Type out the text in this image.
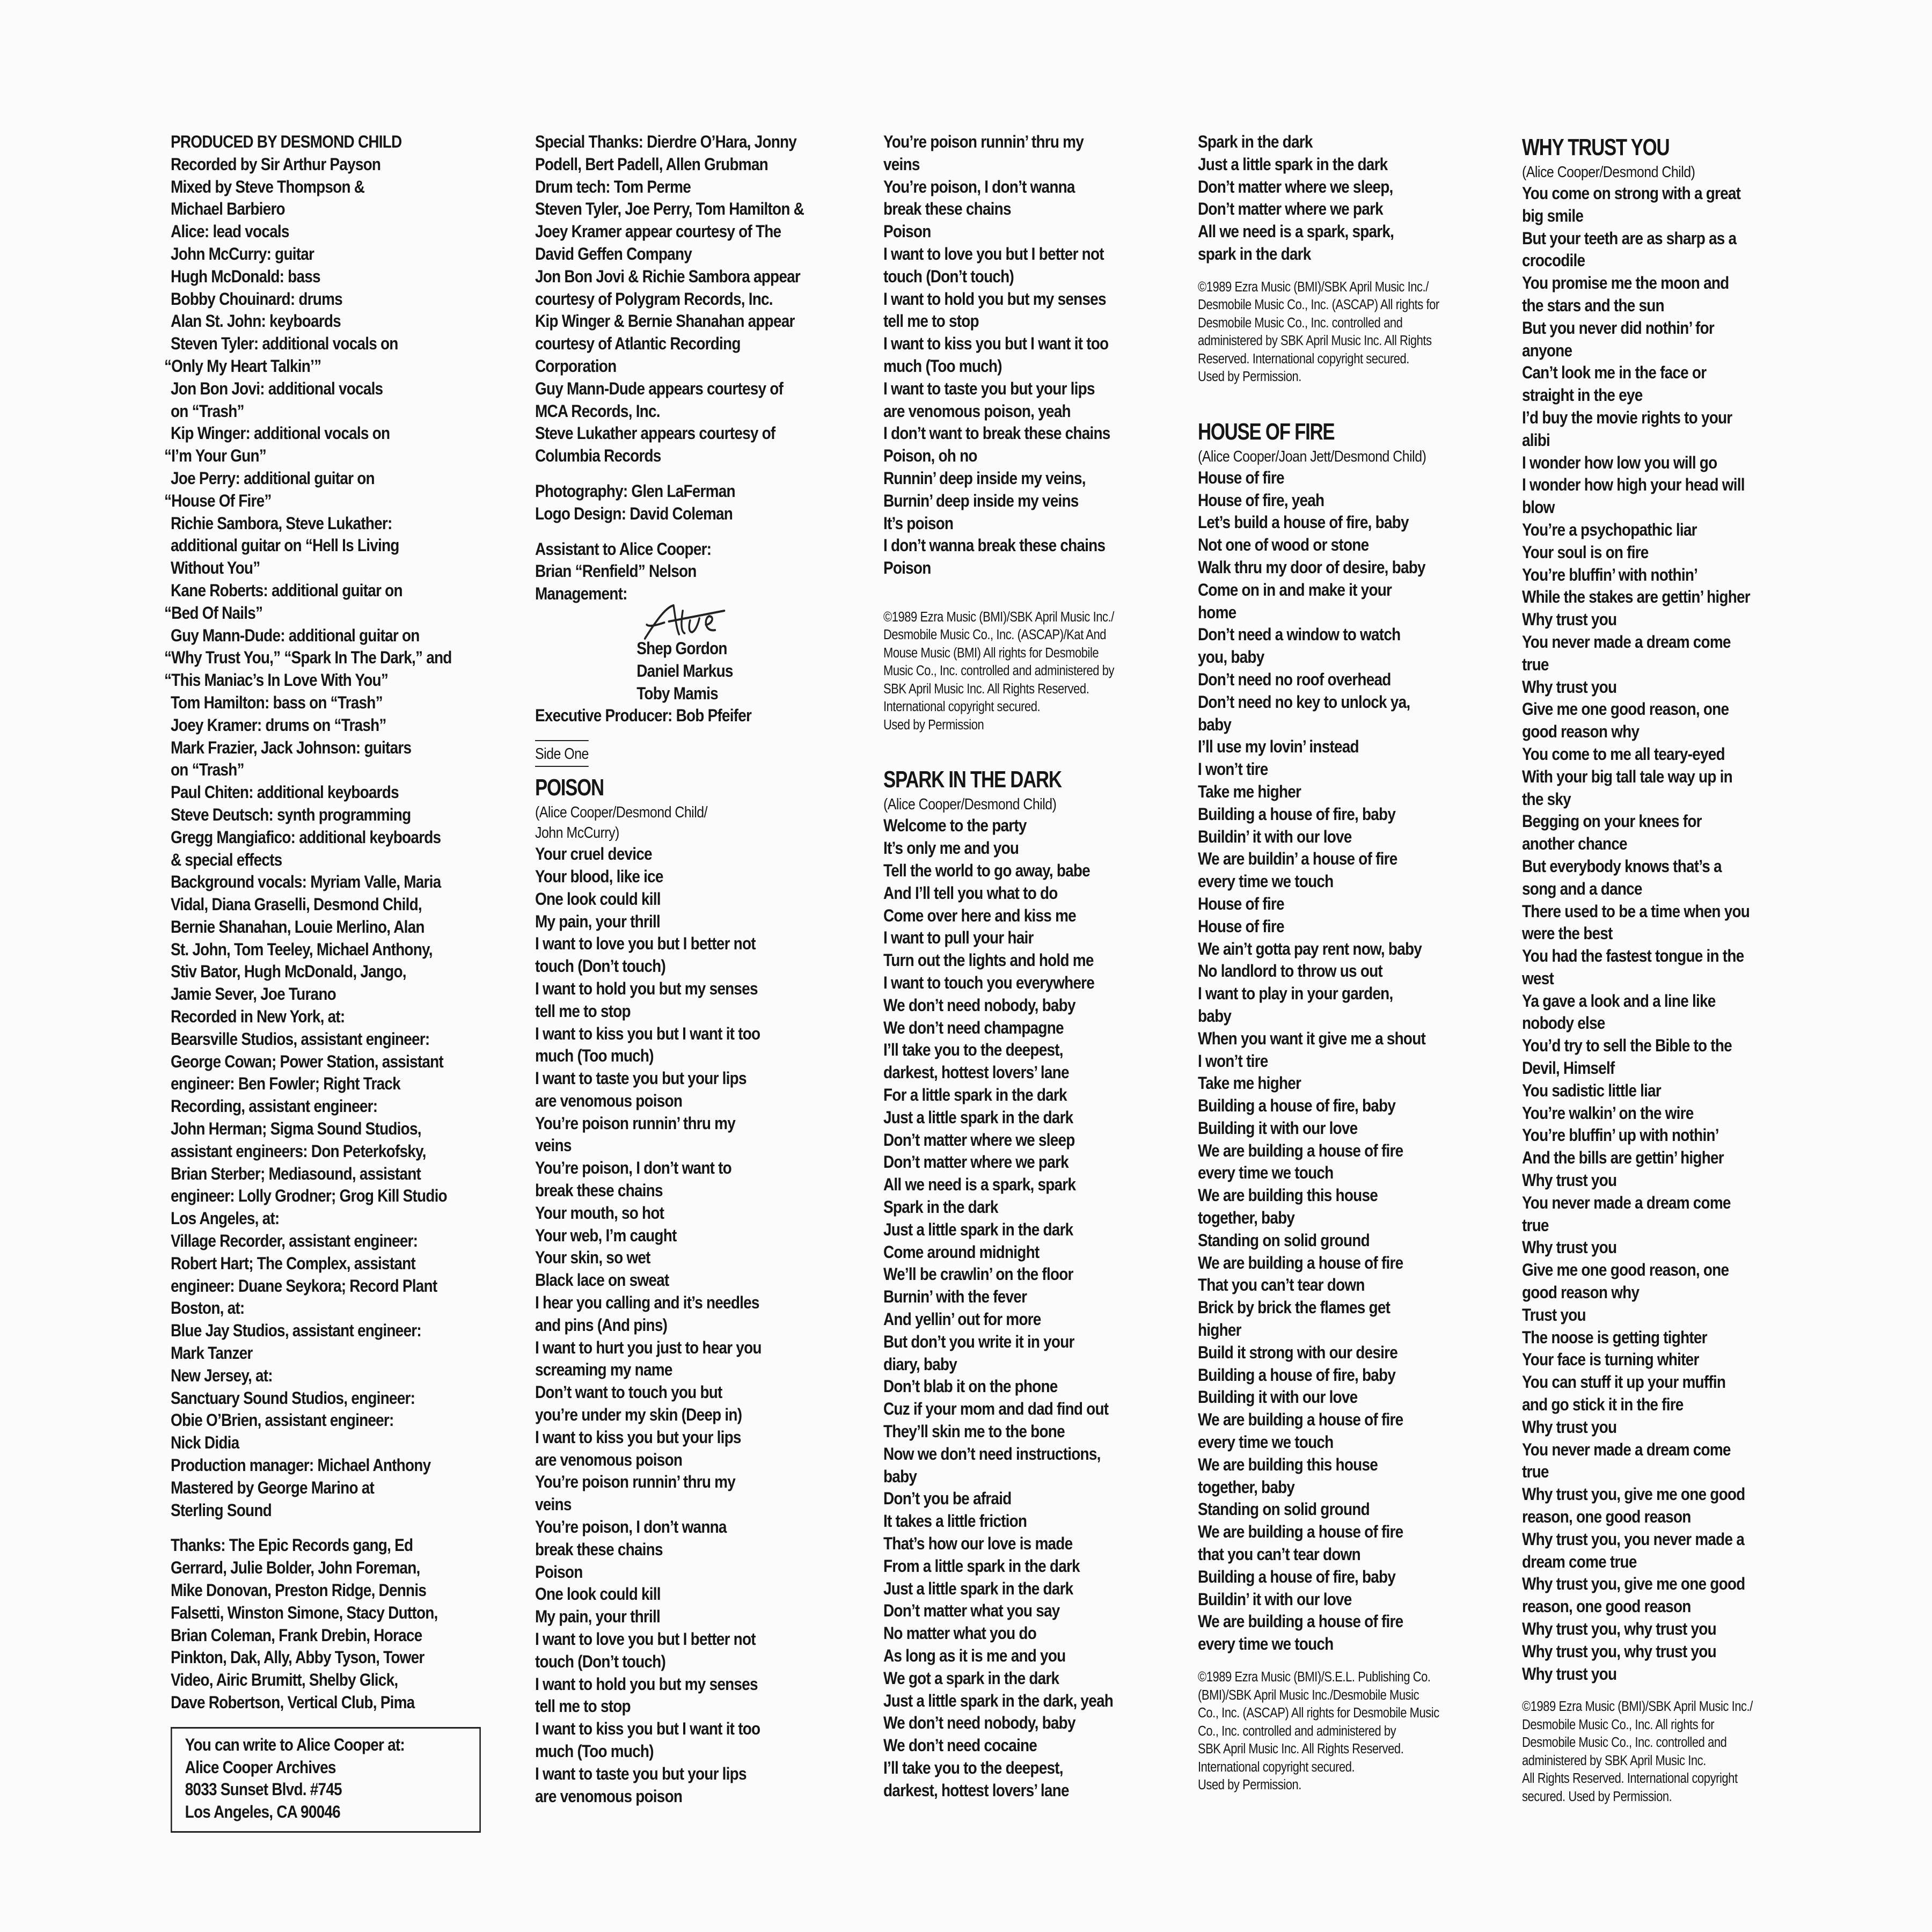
PRODUCED BY DESMOND CHILD
Recorded by Sir Arthur Payson
Mixed by Steve Thompson &
Michael Barbiero
Alice: lead vocals
John McCurry: guitar
Hugh McDonald: bass
Bobby Chouinard: drums
Alan St. John: keyboards
Steven Tyler: additional vocals on
“Only My Heart Talkin’”
Jon Bon Jovi: additional vocals
on “Trash”
Kip Winger: additional vocals on
“I’m Your Gun”
Joe Perry: additional guitar on
“House Of Fire”
Richie Sambora, Steve Lukather:
additional guitar on “Hell Is Living
Without You”
Kane Roberts: additional guitar on
“Bed Of Nails”
Guy Mann-Dude: additional guitar on
“Why Trust You,” “Spark In The Dark,” and
“This Maniac’s In Love With You”
Tom Hamilton: bass on “Trash”
Joey Kramer: drums on “Trash”
Mark Frazier, Jack Johnson: guitars
on “Trash”
Paul Chiten: additional keyboards
Steve Deutsch: synth programming
Gregg Mangiafico: additional keyboards
& special effects
Background vocals: Myriam Valle, Maria
Vidal, Diana Graselli, Desmond Child,
Bernie Shanahan, Louie Merlino, Alan
St. John, Tom Teeley, Michael Anthony,
Stiv Bator, Hugh McDonald, Jango,
Jamie Sever, Joe Turano
Recorded in New York, at:
Bearsville Studios, assistant engineer:
George Cowan; Power Station, assistant
engineer: Ben Fowler; Right Track
Recording, assistant engineer:
John Herman; Sigma Sound Studios,
assistant engineers: Don Peterkofsky,
Brian Sterber; Mediasound, assistant
engineer: Lolly Grodner; Grog Kill Studio
Los Angeles, at:
Village Recorder, assistant engineer:
Robert Hart; The Complex, assistant
engineer: Duane Seykora; Record Plant
Boston, at:
Blue Jay Studios, assistant engineer:
Mark Tanzer
New Jersey, at:
Sanctuary Sound Studios, engineer:
Obie O’Brien, assistant engineer:
Nick Didia
Production manager: Michael Anthony
Mastered by George Marino at
Sterling Sound
Thanks: The Epic Records gang, Ed
Gerrard, Julie Bolder, John Foreman,
Mike Donovan, Preston Ridge, Dennis
Falsetti, Winston Simone, Stacy Dutton,
Brian Coleman, Frank Drebin, Horace
Pinkton, Dak, Ally, Abby Tyson, Tower
Video, Airic Brumitt, Shelby Glick,
Dave Robertson, Vertical Club, Pima
You can write to Alice Cooper at:
Alice Cooper Archives
8033 Sunset Blvd. #745
Los Angeles, CA 90046
Special Thanks: Dierdre O’Hara, Jonny
Podell, Bert Padell, Allen Grubman
Drum tech: Tom Perme
Steven Tyler, Joe Perry, Tom Hamilton &
Joey Kramer appear courtesy of The
David Geffen Company
Jon Bon Jovi & Richie Sambora appear
courtesy of Polygram Records, Inc.
Kip Winger & Bernie Shanahan appear
courtesy of Atlantic Recording
Corporation
Guy Mann-Dude appears courtesy of
MCA Records, Inc.
Steve Lukather appears courtesy of
Columbia Records
Photography: Glen LaFerman
Logo Design: David Coleman
Assistant to Alice Cooper:
Brian “Renfield” Nelson
Management:
Shep Gordon
Daniel Markus
Toby Mamis
Executive Producer: Bob Pfeifer
Side One
POISON
(Alice Cooper/Desmond Child/
John McCurry)
Your cruel device
Your blood, like ice
One look could kill
My pain, your thrill
I want to love you but I better not
touch (Don’t touch)
I want to hold you but my senses
tell me to stop
I want to kiss you but I want it too
much (Too much)
I want to taste you but your lips
are venomous poison
You’re poison runnin’ thru my
veins
You’re poison, I don’t want to
break these chains
Your mouth, so hot
Your web, I’m caught
Your skin, so wet
Black lace on sweat
I hear you calling and it’s needles
and pins (And pins)
I want to hurt you just to hear you
screaming my name
Don’t want to touch you but
you’re under my skin (Deep in)
I want to kiss you but your lips
are venomous poison
You’re poison runnin’ thru my
veins
You’re poison, I don’t wanna
break these chains
Poison
One look could kill
My pain, your thrill
I want to love you but I better not
touch (Don’t touch)
I want to hold you but my senses
tell me to stop
I want to kiss you but I want it too
much (Too much)
I want to taste you but your lips
are venomous poison
You’re poison runnin’ thru my
veins
You’re poison, I don’t wanna
break these chains
Poison
I want to love you but I better not
touch (Don’t touch)
I want to hold you but my senses
tell me to stop
I want to kiss you but I want it too
much (Too much)
I want to taste you but your lips
are venomous poison, yeah
I don’t want to break these chains
Poison, oh no
Runnin’ deep inside my veins,
Burnin’ deep inside my veins
It’s poison
I don’t wanna break these chains
Poison
©1989 Ezra Music (BMI)/SBK April Music Inc./
Desmobile Music Co., Inc. (ASCAP)/Kat And
Mouse Music (BMI) All rights for Desmobile
Music Co., Inc. controlled and administered by
SBK April Music Inc. All Rights Reserved.
International copyright secured.
Used by Permission
SPARK IN THE DARK
(Alice Cooper/Desmond Child)
Welcome to the party
It’s only me and you
Tell the world to go away, babe
And I’ll tell you what to do
Come over here and kiss me
I want to pull your hair
Turn out the lights and hold me
I want to touch you everywhere
We don’t need nobody, baby
We don’t need champagne
I’ll take you to the deepest,
darkest, hottest lovers’ lane
For a little spark in the dark
Just a little spark in the dark
Don’t matter where we sleep
Don’t matter where we park
All we need is a spark, spark
Spark in the dark
Just a little spark in the dark
Come around midnight
We’ll be crawlin’ on the floor
Burnin’ with the fever
And yellin’ out for more
But don’t you write it in your
diary, baby
Don’t blab it on the phone
Cuz if your mom and dad find out
They’ll skin me to the bone
Now we don’t need instructions,
baby
Don’t you be afraid
It takes a little friction
That’s how our love is made
From a little spark in the dark
Just a little spark in the dark
Don’t matter what you say
No matter what you do
As long as it is me and you
We got a spark in the dark
Just a little spark in the dark, yeah
We don’t need nobody, baby
We don’t need cocaine
I’ll take you to the deepest,
darkest, hottest lovers’ lane
Spark in the dark
Just a little spark in the dark
Don’t matter where we sleep,
Don’t matter where we park
All we need is a spark, spark,
spark in the dark
©1989 Ezra Music (BMI)/SBK April Music Inc./
Desmobile Music Co., Inc. (ASCAP) All rights for
Desmobile Music Co., Inc. controlled and
administered by SBK April Music Inc. All Rights
Reserved. International copyright secured.
Used by Permission.
HOUSE OF FIRE
(Alice Cooper/Joan Jett/Desmond Child)
House of fire
House of fire, yeah
Let’s build a house of fire, baby
Not one of wood or stone
Walk thru my door of desire, baby
Come on in and make it your
home
Don’t need a window to watch
you, baby
Don’t need no roof overhead
Don’t need no key to unlock ya,
baby
I’ll use my lovin’ instead
I won’t tire
Take me higher
Building a house of fire, baby
Buildin’ it with our love
We are buildin’ a house of fire
every time we touch
House of fire
House of fire
We ain’t gotta pay rent now, baby
No landlord to throw us out
I want to play in your garden,
baby
When you want it give me a shout
I won’t tire
Take me higher
Building a house of fire, baby
Building it with our love
We are building a house of fire
every time we touch
We are building this house
together, baby
Standing on solid ground
We are building a house of fire
That you can’t tear down
Brick by brick the flames get
higher
Build it strong with our desire
Building a house of fire, baby
Building it with our love
We are building a house of fire
every time we touch
We are building this house
together, baby
Standing on solid ground
We are building a house of fire
that you can’t tear down
Building a house of fire, baby
Buildin’ it with our love
We are building a house of fire
every time we touch
©1989 Ezra Music (BMI)/S.E.L. Publishing Co.
(BMI)/SBK April Music Inc./Desmobile Music
Co., Inc. (ASCAP) All rights for Desmobile Music
Co., Inc. controlled and administered by
SBK April Music Inc. All Rights Reserved.
International copyright secured.
Used by Permission.
WHY TRUST YOU
(Alice Cooper/Desmond Child)
You come on strong with a great
big smile
But your teeth are as sharp as a
crocodile
You promise me the moon and
the stars and the sun
But you never did nothin’ for
anyone
Can’t look me in the face or
straight in the eye
I’d buy the movie rights to your
alibi
I wonder how low you will go
I wonder how high your head will
blow
You’re a psychopathic liar
Your soul is on fire
You’re bluffin’ with nothin’
While the stakes are gettin’ higher
Why trust you
You never made a dream come
true
Why trust you
Give me one good reason, one
good reason why
You come to me all teary-eyed
With your big tall tale way up in
the sky
Begging on your knees for
another chance
But everybody knows that’s a
song and a dance
There used to be a time when you
were the best
You had the fastest tongue in the
west
Ya gave a look and a line like
nobody else
You’d try to sell the Bible to the
Devil, Himself
You sadistic little liar
You’re walkin’ on the wire
You’re bluffin’ up with nothin’
And the bills are gettin’ higher
Why trust you
You never made a dream come
true
Why trust you
Give me one good reason, one
good reason why
Trust you
The noose is getting tighter
Your face is turning whiter
You can stuff it up your muffin
and go stick it in the fire
Why trust you
You never made a dream come
true
Why trust you, give me one good
reason, one good reason
Why trust you, you never made a
dream come true
Why trust you, give me one good
reason, one good reason
Why trust you, why trust you
Why trust you, why trust you
Why trust you
©1989 Ezra Music (BMI)/SBK April Music Inc./
Desmobile Music Co., Inc. All rights for
Desmobile Music Co., Inc. controlled and
administered by SBK April Music Inc.
All Rights Reserved. International copyright
secured. Used by Permission.
